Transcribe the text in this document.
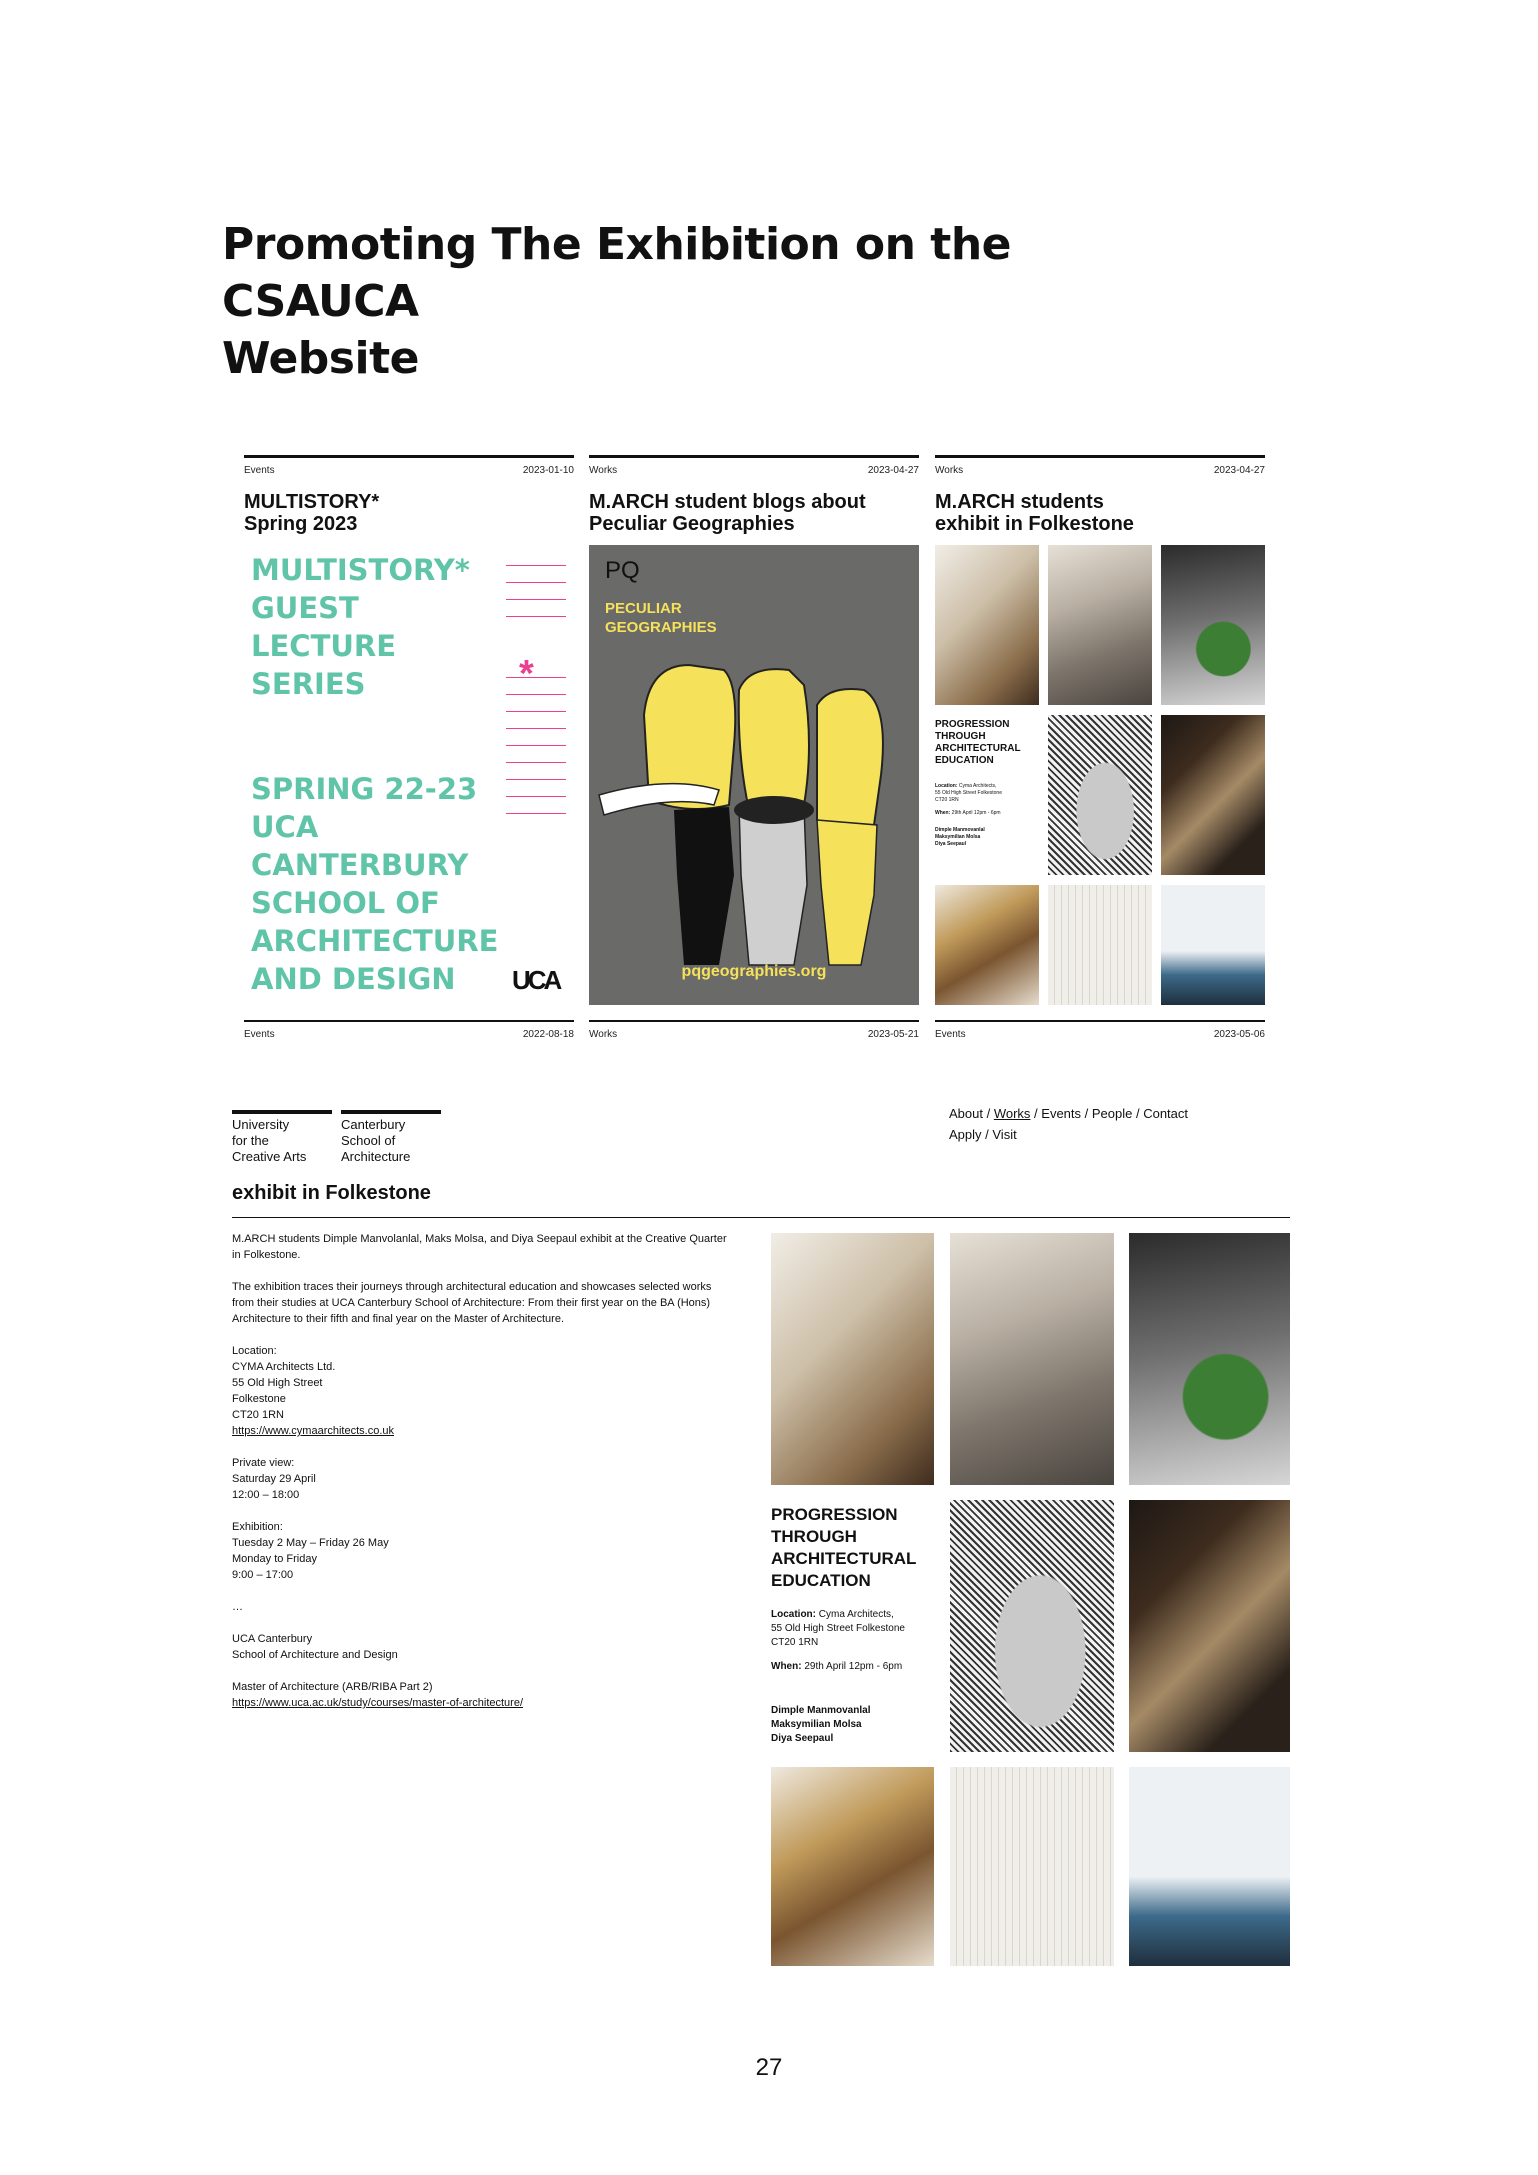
Promoting The Exhibition on the CSAUCA
Website
Events	2023-01-10
MULTISTORY*
Spring 2023
MULTISTORY*
GUEST
LECTURE
SERIES	*
SPRING 22-23
UCA
CANTERBURY
SCHOOL OF
ARCHITECTURE
AND DESIGN	UCA
Events	2022-08-18
Works	2023-04-27
M.ARCH student blogs about
Peculiar Geographies
PQ
PECULIAR
GEOGRAPHIES
pqgeographies.org
Works	2023-05-21
Works	2023-04-27
M.ARCH students
exhibit in Folkestone
PROGRESSION
THROUGH
ARCHITECTURAL
EDUCATION
Location: Cyma Architects,
55 Old High Street Folkestone
CT20 1RN
When: 29th April 12pm - 6pm
Dimple Manmovanlal
Maksymilian Molsa
Diya Seepaul
Events	2023-05-06
University
for the
Creative Arts
Canterbury
School of
Architecture
About / Works / Events / People / Contact
Apply / Visit
exhibit in Folkestone
M.ARCH students Dimple Manvolanlal, Maks Molsa, and Diya Seepaul exhibit at the Creative Quarter
in Folkestone.
The exhibition traces their journeys through architectural education and showcases selected works
from their studies at UCA Canterbury School of Architecture: From their first year on the BA (Hons)
Architecture to their fifth and final year on the Master of Architecture.
Location:
CYMA Architects Ltd.
55 Old High Street
Folkestone
CT20 1RN
https://www.cymaarchitects.co.uk
Private view:
Saturday 29 April
12:00 – 18:00
Exhibition:
Tuesday 2 May – Friday 26 May
Monday to Friday
9:00 – 17:00
…
UCA Canterbury
School of Architecture and Design
Master of Architecture (ARB/RIBA Part 2)
https://www.uca.ac.uk/study/courses/master-of-architecture/
PROGRESSION
THROUGH
ARCHITECTURAL
EDUCATION
Location: Cyma Architects,
55 Old High Street Folkestone
CT20 1RN
When: 29th April 12pm - 6pm
Dimple Manmovanlal
Maksymilian Molsa
Diya Seepaul
27
